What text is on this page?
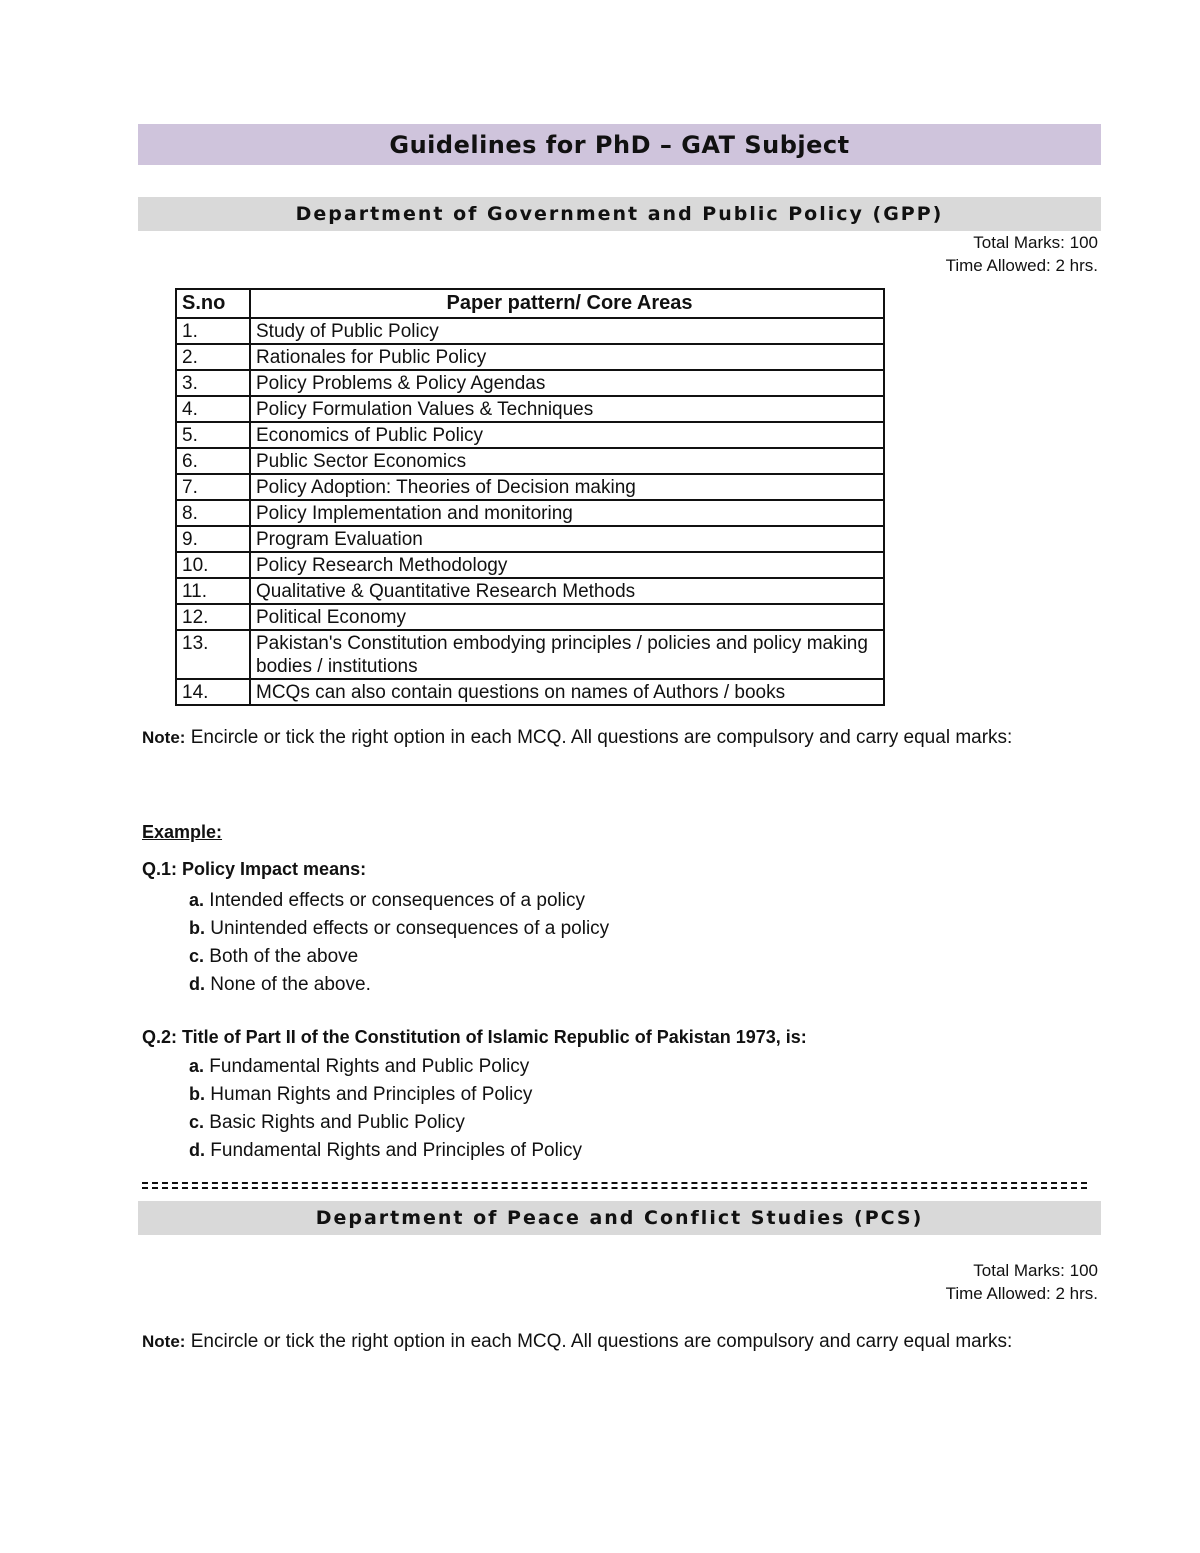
Guidelines for PhD – GAT Subject
Department of Government and Public Policy (GPP)
Total Marks: 100
Time Allowed: 2 hrs.
S.no	Paper pattern/ Core Areas
1.	Study of Public Policy
2.	Rationales for Public Policy
3.	Policy Problems & Policy Agendas
4.	Policy Formulation Values & Techniques
5.	Economics of Public Policy
6.	Public Sector Economics
7.	Policy Adoption: Theories of Decision making
8.	Policy Implementation and monitoring
9.	Program Evaluation
10.	Policy Research Methodology
11.	Qualitative & Quantitative Research Methods
12.	Political Economy
13.	Pakistan's Constitution embodying principles / policies and policy making bodies / institutions
14.	MCQs can also contain questions on names of Authors / books
Note: Encircle or tick the right option in each MCQ. All questions are compulsory and carry equal marks:
Example:
Q.1: Policy Impact means:
a. Intended effects or consequences of a policy
b. Unintended effects or consequences of a policy
c. Both of the above
d. None of the above.
Q.2: Title of Part II of the Constitution of Islamic Republic of Pakistan 1973, is:
a. Fundamental Rights and Public Policy
b. Human Rights and Principles of Policy
c. Basic Rights and Public Policy
d. Fundamental Rights and Principles of Policy
Department of Peace and Conflict Studies (PCS)
Total Marks: 100
Time Allowed: 2 hrs.
Note: Encircle or tick the right option in each MCQ. All questions are compulsory and carry equal marks:
